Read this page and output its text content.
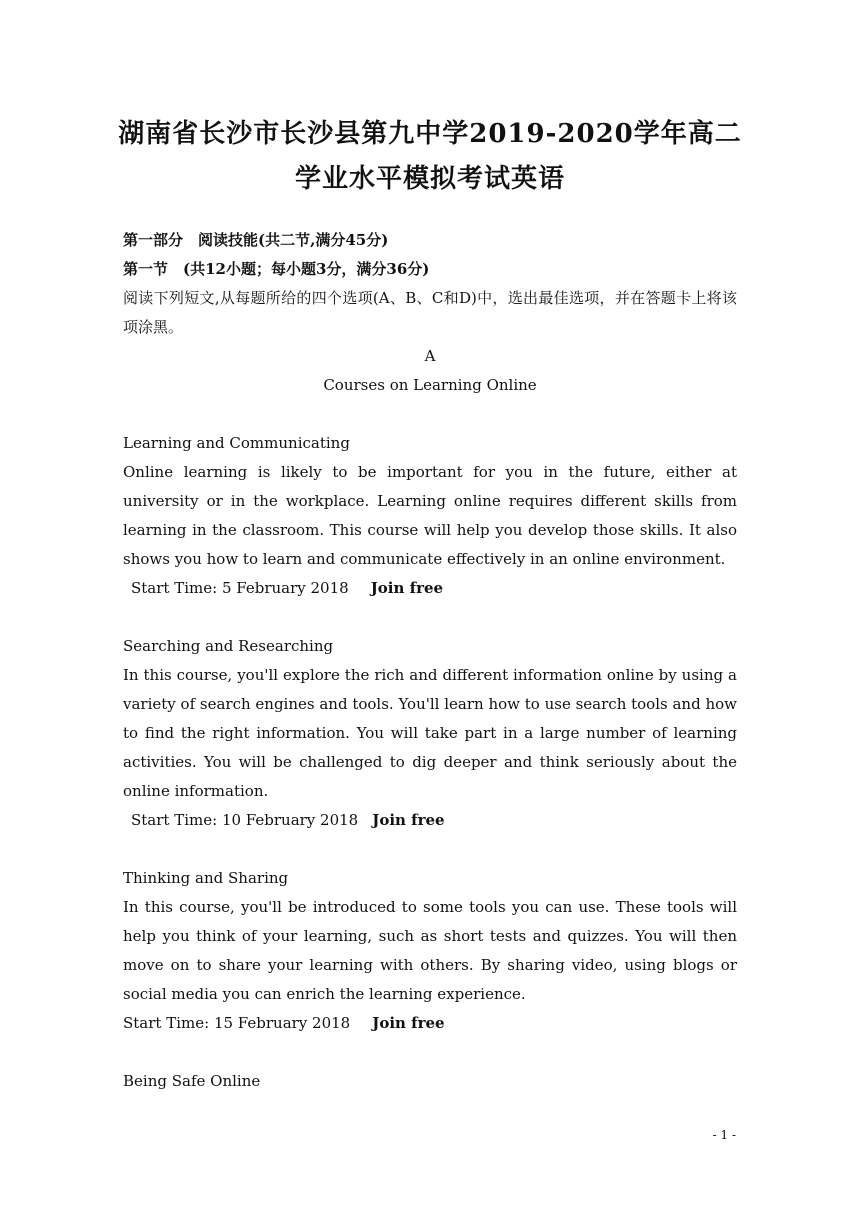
湖南省长沙市长沙县第九中学2019-2020学年高二
学业水平模拟考试英语
第一部分　阅读技能(共二节,满分45分)
第一节　(共12小题；每小题3分，满分36分)
阅读下列短文,从每题所给的四个选项(A、B、C和D)中，选出最佳选项，并在答题卡上将该项涂黑。
A
Courses on Learning Online
Learning and Communicating
Online learning is likely to be important for you in the future, either at university or in the workplace. Learning online requires different skills from learning in the classroom. This course will help you develop those skills. It also shows you how to learn and communicate effectively in an online environment.
Start Time: 5 February 2018 Join free
Searching and Researching
In this course, you'll explore the rich and different information online by using a variety of search engines and tools. You'll learn how to use search tools and how to find the right information. You will take part in a large number of learning activities. You will be challenged to dig deeper and think seriously about the online information.
Start Time: 10 February 2018 Join free
Thinking and Sharing
In this course, you'll be introduced to some tools you can use. These tools will help you think of your learning, such as short tests and quizzes. You will then move on to share your learning with others. By sharing video, using blogs or social media you can enrich the learning experience.
Start Time: 15 February 2018 Join free
Being Safe Online
- 1 -
